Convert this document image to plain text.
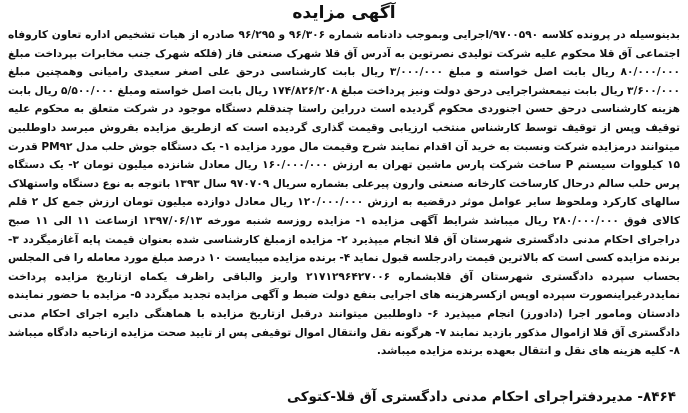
آگهی مزایده
بدینوسیله در پرونده کلاسه ۹۷۰۰۵۹۰/اجرایی وبموجب دادنامه شماره ۹۶/۳۰۶ و ۹۶/۲۹۵ صادره از هیات تشخیص اداره تعاون کاروفاه اجتماعی آق قلا محکوم علیه شرکت تولیدی نصرتوین به آدرس آق قلا شهرک صنعتی فاز (فلکه شهرک جنب مخابرات بپرداخت مبلغ ۸۰/۰۰۰/۰۰۰ ریال بابت اصل خواسته و مبلغ ۳/۰۰۰/۰۰۰ ریال بابت کارشناسی درحق علی اصغر سعیدی رامیانی وهمچنین مبلغ ۳/۶۰۰/۰۰۰ ریال بابت نیمعشراجرایی درحق دولت ونیز پرداخت مبلغ ۱۷۴/۸۲۶/۲۰۸ ریال بابت اصل خواسته ومبلغ ۵/۵۰۰/۰۰۰ ریال بابت هزینه کارشناسی درحق حسن اجنوردی محکوم گردیده است درراین راستا چندقلم دستگاه موجود در شرکت متعلق به محکوم علیه توقیف وپس از توقیف توسط کارشناس منتخب ارزیابی وقیمت گذاری گردیده است که ازطریق مزایده بفروش میرسد داوطلبین میتوانند درمزایده شرکت ونسبت به خرید آن اقدام نمایند شرح وقیمت مال مورد مزایده ۱- یک دستگاه جوش حلب مدل PM۹۲ قدرت ۱۵ کیلووات سیستم P ساخت شرکت پارس ماشین تهران به ارزش ۱۶۰/۰۰۰/۰۰۰ ریال معادل شانزده میلیون تومان ۲- یک دستگاه پرس حلب سالم درحال کارساخت کارخانه صنعتی وارون پیرعلی بشماره سریال ۹۷۰۷۰۹ سال ۱۳۹۳ باتوجه به نوع دستگاه واستهلاک سالهای کارکرد وملحوظ سایر عوامل موثر درقضیه به ارزش ۱۲۰/۰۰۰/۰۰۰ ریال معادل دوازده میلیون تومان ارزش جمع کل ۲ قلم کالای فوق ۲۸۰/۰۰۰/۰۰۰ ریال میباشد شرایط آگهی مزایده ۱- مزایده روزسه شنبه مورخه ۱۳۹۷/۰۶/۱۳ ازساعت ۱۱ الی ۱۱ صبح دراجرای احکام مدنی دادگستری شهرستان آق قلا انجام میپذیرد ۲- مزایده ازمبلغ کارشناسی شده بعنوان قیمت پایه آغازمیگردد ۳- برنده مزایده کسی است که بالاترین قیمت رادرجلسه قبول نماید ۴- برنده مزایده میبایست ۱۰ درصد مبلغ مورد معامله را فی المجلس بحساب سپرده دادگستری شهرستان آق قلابشماره ۲۱۷۱۲۹۶۴۲۷۰۰۶ واریز والباقی راظرف یکماه ازتاریخ مزایده پرداخت نمایددرغیراینصورت سپرده اوپس ازکسرهزینه های اجرایی بنفع دولت ضبط و آگهی مزایده تجدید میگردد ۵- مزایده با حضور نماینده دادستان ومامور اجرا (دادورز) انجام میپذیرد ۶- داوطلبین میتوانند درقبل ازتاریخ مزایده با هماهنگی دایره اجرای احکام مدنی دادگستری آق قلا ازاموال مذکور بازدید نمایند ۷- هرگونه نقل وانتقال اموال توقیفی پس از تایید صحت مزایده ازناحیه دادگاه میباشد ۸- کلیه هزینه های نقل و انتقال بعهده برنده مزایده میباشد.
۸۴۶۴- مدیردفتراجرای احکام مدنی دادگستری آق قلا-کتوکی
